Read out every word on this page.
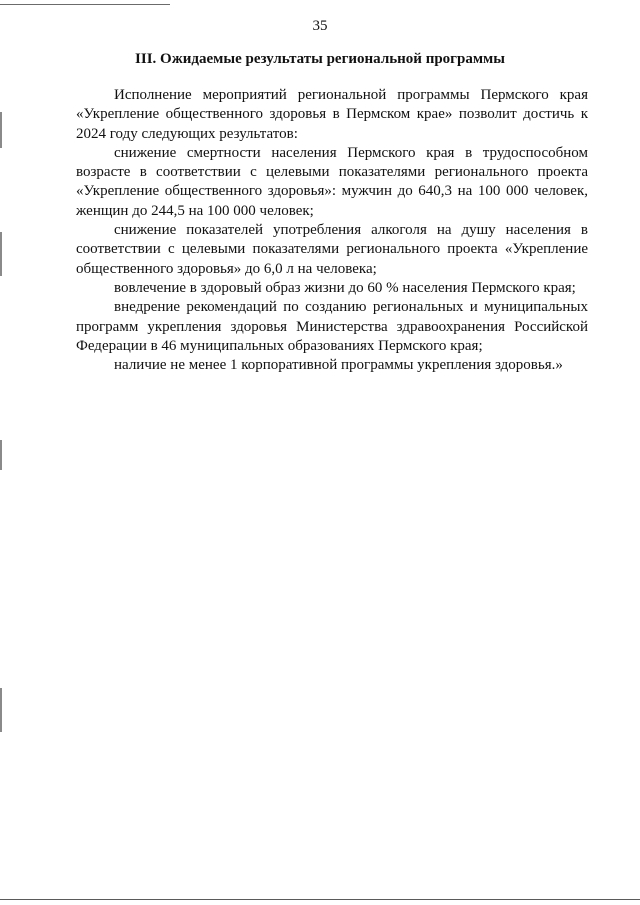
35
III. Ожидаемые результаты региональной программы

Исполнение мероприятий региональной программы Пермского края «Укрепление общественного здоровья в Пермском крае» позволит достичь к 2024 году следующих результатов:

снижение смертности населения Пермского края в трудоспособном возрасте в соответствии с целевыми показателями регионального проекта «Укрепление общественного здоровья»: мужчин до 640,3 на 100 000 человек, женщин до 244,5 на 100 000 человек;

снижение показателей употребления алкоголя на душу населения в соответствии с целевыми показателями регионального проекта «Укрепление общественного здоровья» до 6,0 л на человека;

вовлечение в здоровый образ жизни до 60 % населения Пермского края;

внедрение рекомендаций по созданию региональных и муниципальных программ укрепления здоровья Министерства здравоохранения Российской Федерации в 46 муниципальных образованиях Пермского края;

наличие не менее 1 корпоративной программы укрепления здоровья.»
